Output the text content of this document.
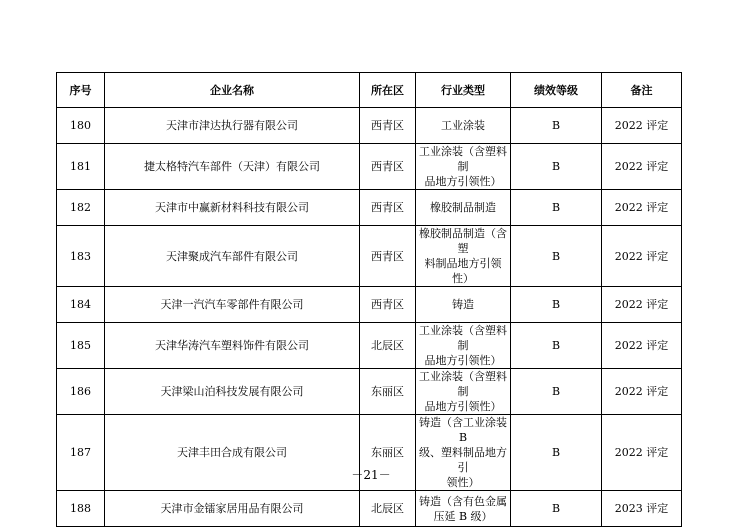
序号	企业名称	所在区	行业类型	绩效等级	备注
180	天津市津达执行器有限公司	西青区	工业涂装	B	2022 评定
181	捷太格特汽车部件（天津）有限公司	西青区	工业涂装（含塑料制
品地方引领性）	B	2022 评定
182	天津市中赢新材料科技有限公司	西青区	橡胶制品制造	B	2022 评定
183	天津聚成汽车部件有限公司	西青区	橡胶制品制造（含塑
料制品地方引领性）	B	2022 评定
184	天津一汽汽车零部件有限公司	西青区	铸造	B	2022 评定
185	天津华涛汽车塑料饰件有限公司	北辰区	工业涂装（含塑料制
品地方引领性）	B	2022 评定
186	天津梁山泊科技发展有限公司	东丽区	工业涂装（含塑料制
品地方引领性）	B	2022 评定
187	天津丰田合成有限公司	东丽区	铸造（含工业涂装 B
级、塑料制品地方引
领性）	B	2022 评定
188	天津市金镭家居用品有限公司	北辰区	铸造（含有色金属
压延 B 级）	B	2023 评定
－21－
